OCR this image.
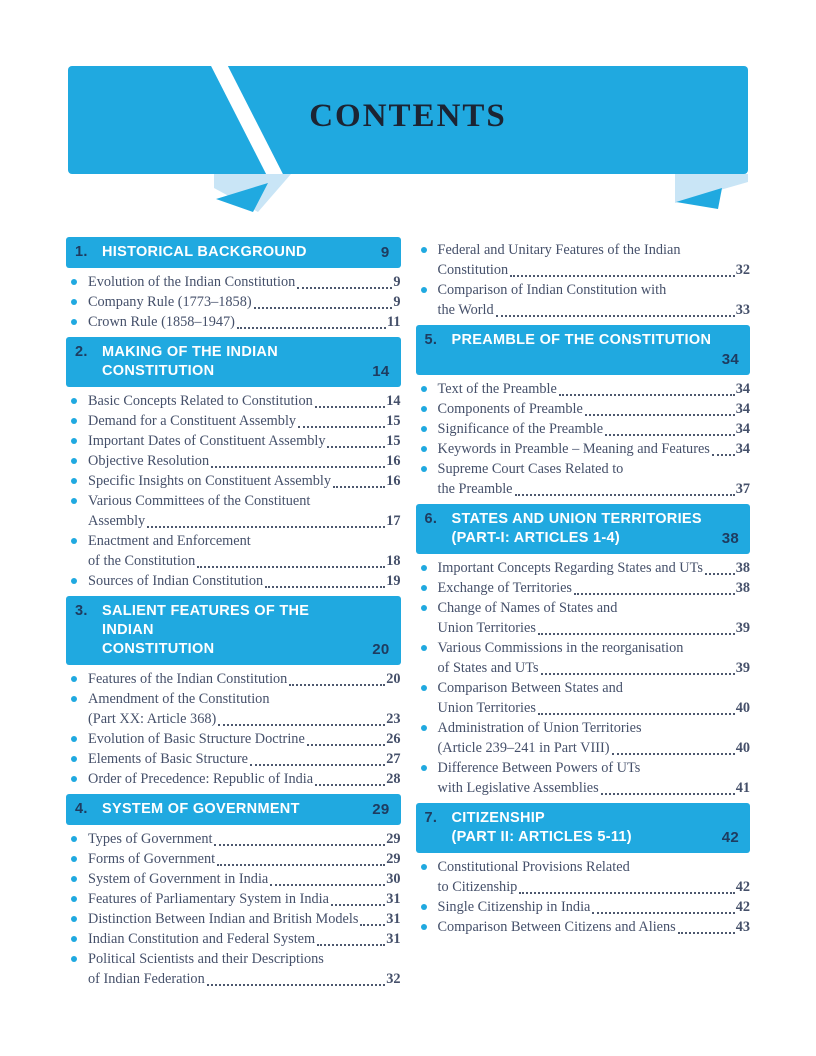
CONTENTS
1. HISTORICAL BACKGROUND	9
Evolution of the Indian Constitution	9
Company Rule (1773–1858)	9
Crown Rule (1858–1947)	11
2. MAKING OF THE INDIAN
CONSTITUTION	14
Basic Concepts Related to Constitution	14
Demand for a Constituent Assembly	15
Important Dates of Constituent Assembly	15
Objective Resolution	16
Specific Insights on Constituent Assembly	16
Various Committees of the Constituent
Assembly	17
Enactment and Enforcement
of the Constitution	18
Sources of Indian Constitution	19
3. SALIENT FEATURES OF THE INDIAN
CONSTITUTION	20
Features of the Indian Constitution	20
Amendment of the Constitution
(Part XX: Article 368)	23
Evolution of Basic Structure Doctrine	26
Elements of Basic Structure	27
Order of Precedence: Republic of India	28
4. SYSTEM OF GOVERNMENT	29
Types of Government	29
Forms of Government	29
System of Government in India	30
Features of Parliamentary System in India	31
Distinction Between Indian and British Models 31
Indian Constitution and Federal System	31
Political Scientists and their Descriptions
of Indian Federation	32
Federal and Unitary Features of the Indian
Constitution	32
Comparison of Indian Constitution with
the World	33
5. PREAMBLE OF THE CONSTITUTION
34
Text of the Preamble	34
Components of Preamble	34
Significance of the Preamble	34
Keywords in Preamble – Meaning and Features 34
Supreme Court Cases Related to
the Preamble	37
6. STATES AND UNION TERRITORIES
(PART-I: ARTICLES 1-4)	38
Important Concepts Regarding States and UTs 38
Exchange of Territories	38
Change of Names of States and
Union Territories	39
Various Commissions in the reorganisation
of States and UTs	39
Comparison Between States and
Union Territories	40
Administration of Union Territories
(Article 239–241 in Part VIII)	40
Difference Between Powers of UTs
with Legislative Assemblies	41
7. CITIZENSHIP
(PART II: ARTICLES 5-11)	42
Constitutional Provisions Related
to Citizenship	42
Single Citizenship in India	42
Comparison Between Citizens and Aliens	43
